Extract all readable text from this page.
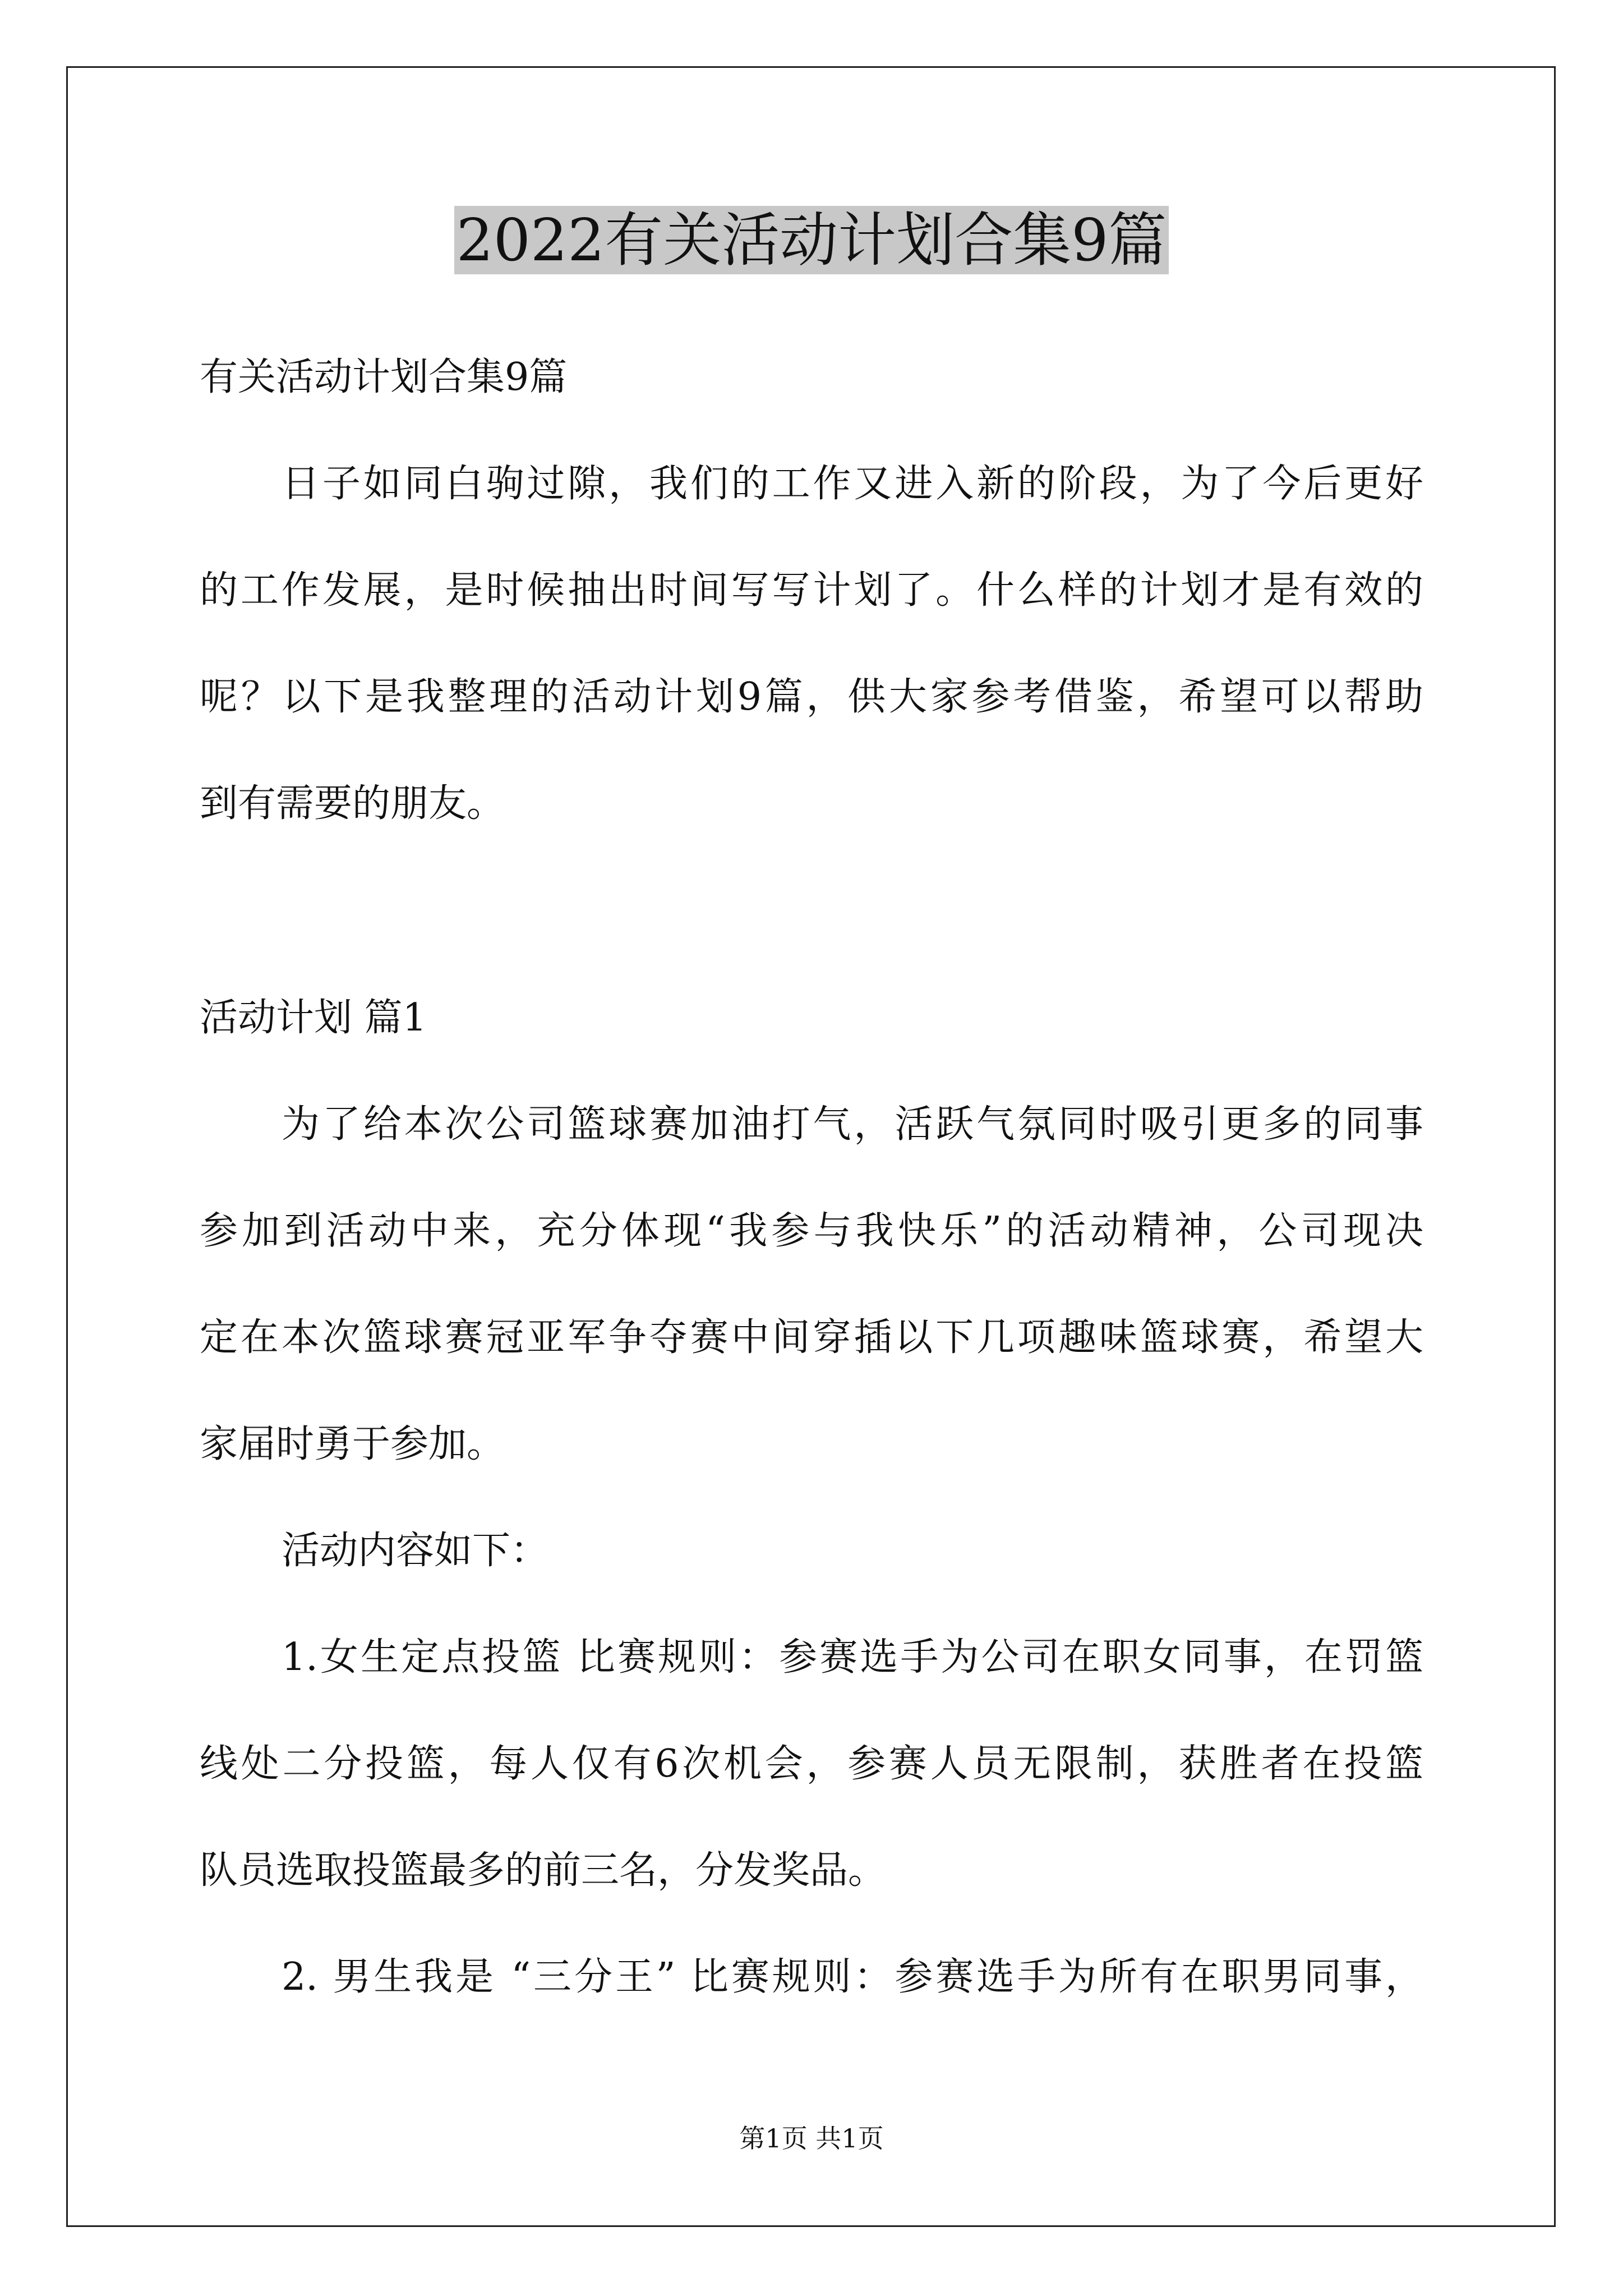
2022有关活动计划合集9篇
有关活动计划合集9篇
日子如同白驹过隙，我们的工作又进入新的阶段，为了今后更好
的工作发展，是时候抽出时间写写计划了。什么样的计划才是有效的
呢？以下是我整理的活动计划9篇，供大家参考借鉴，希望可以帮助
到有需要的朋友。
活动计划 篇1
为了给本次公司篮球赛加油打气，活跃气氛同时吸引更多的同事
参加到活动中来，充分体现“我参与我快乐”的活动精神，公司现决
定在本次篮球赛冠亚军争夺赛中间穿插以下几项趣味篮球赛，希望大
家届时勇于参加。
活动内容如下：
1.女生定点投篮 比赛规则：参赛选手为公司在职女同事，在罚篮
线处二分投篮，每人仅有6次机会，参赛人员无限制，获胜者在投篮
队员选取投篮最多的前三名，分发奖品。
2. 男生我是 “三分王” 比赛规则：参赛选手为所有在职男同事，
第1页 共1页
